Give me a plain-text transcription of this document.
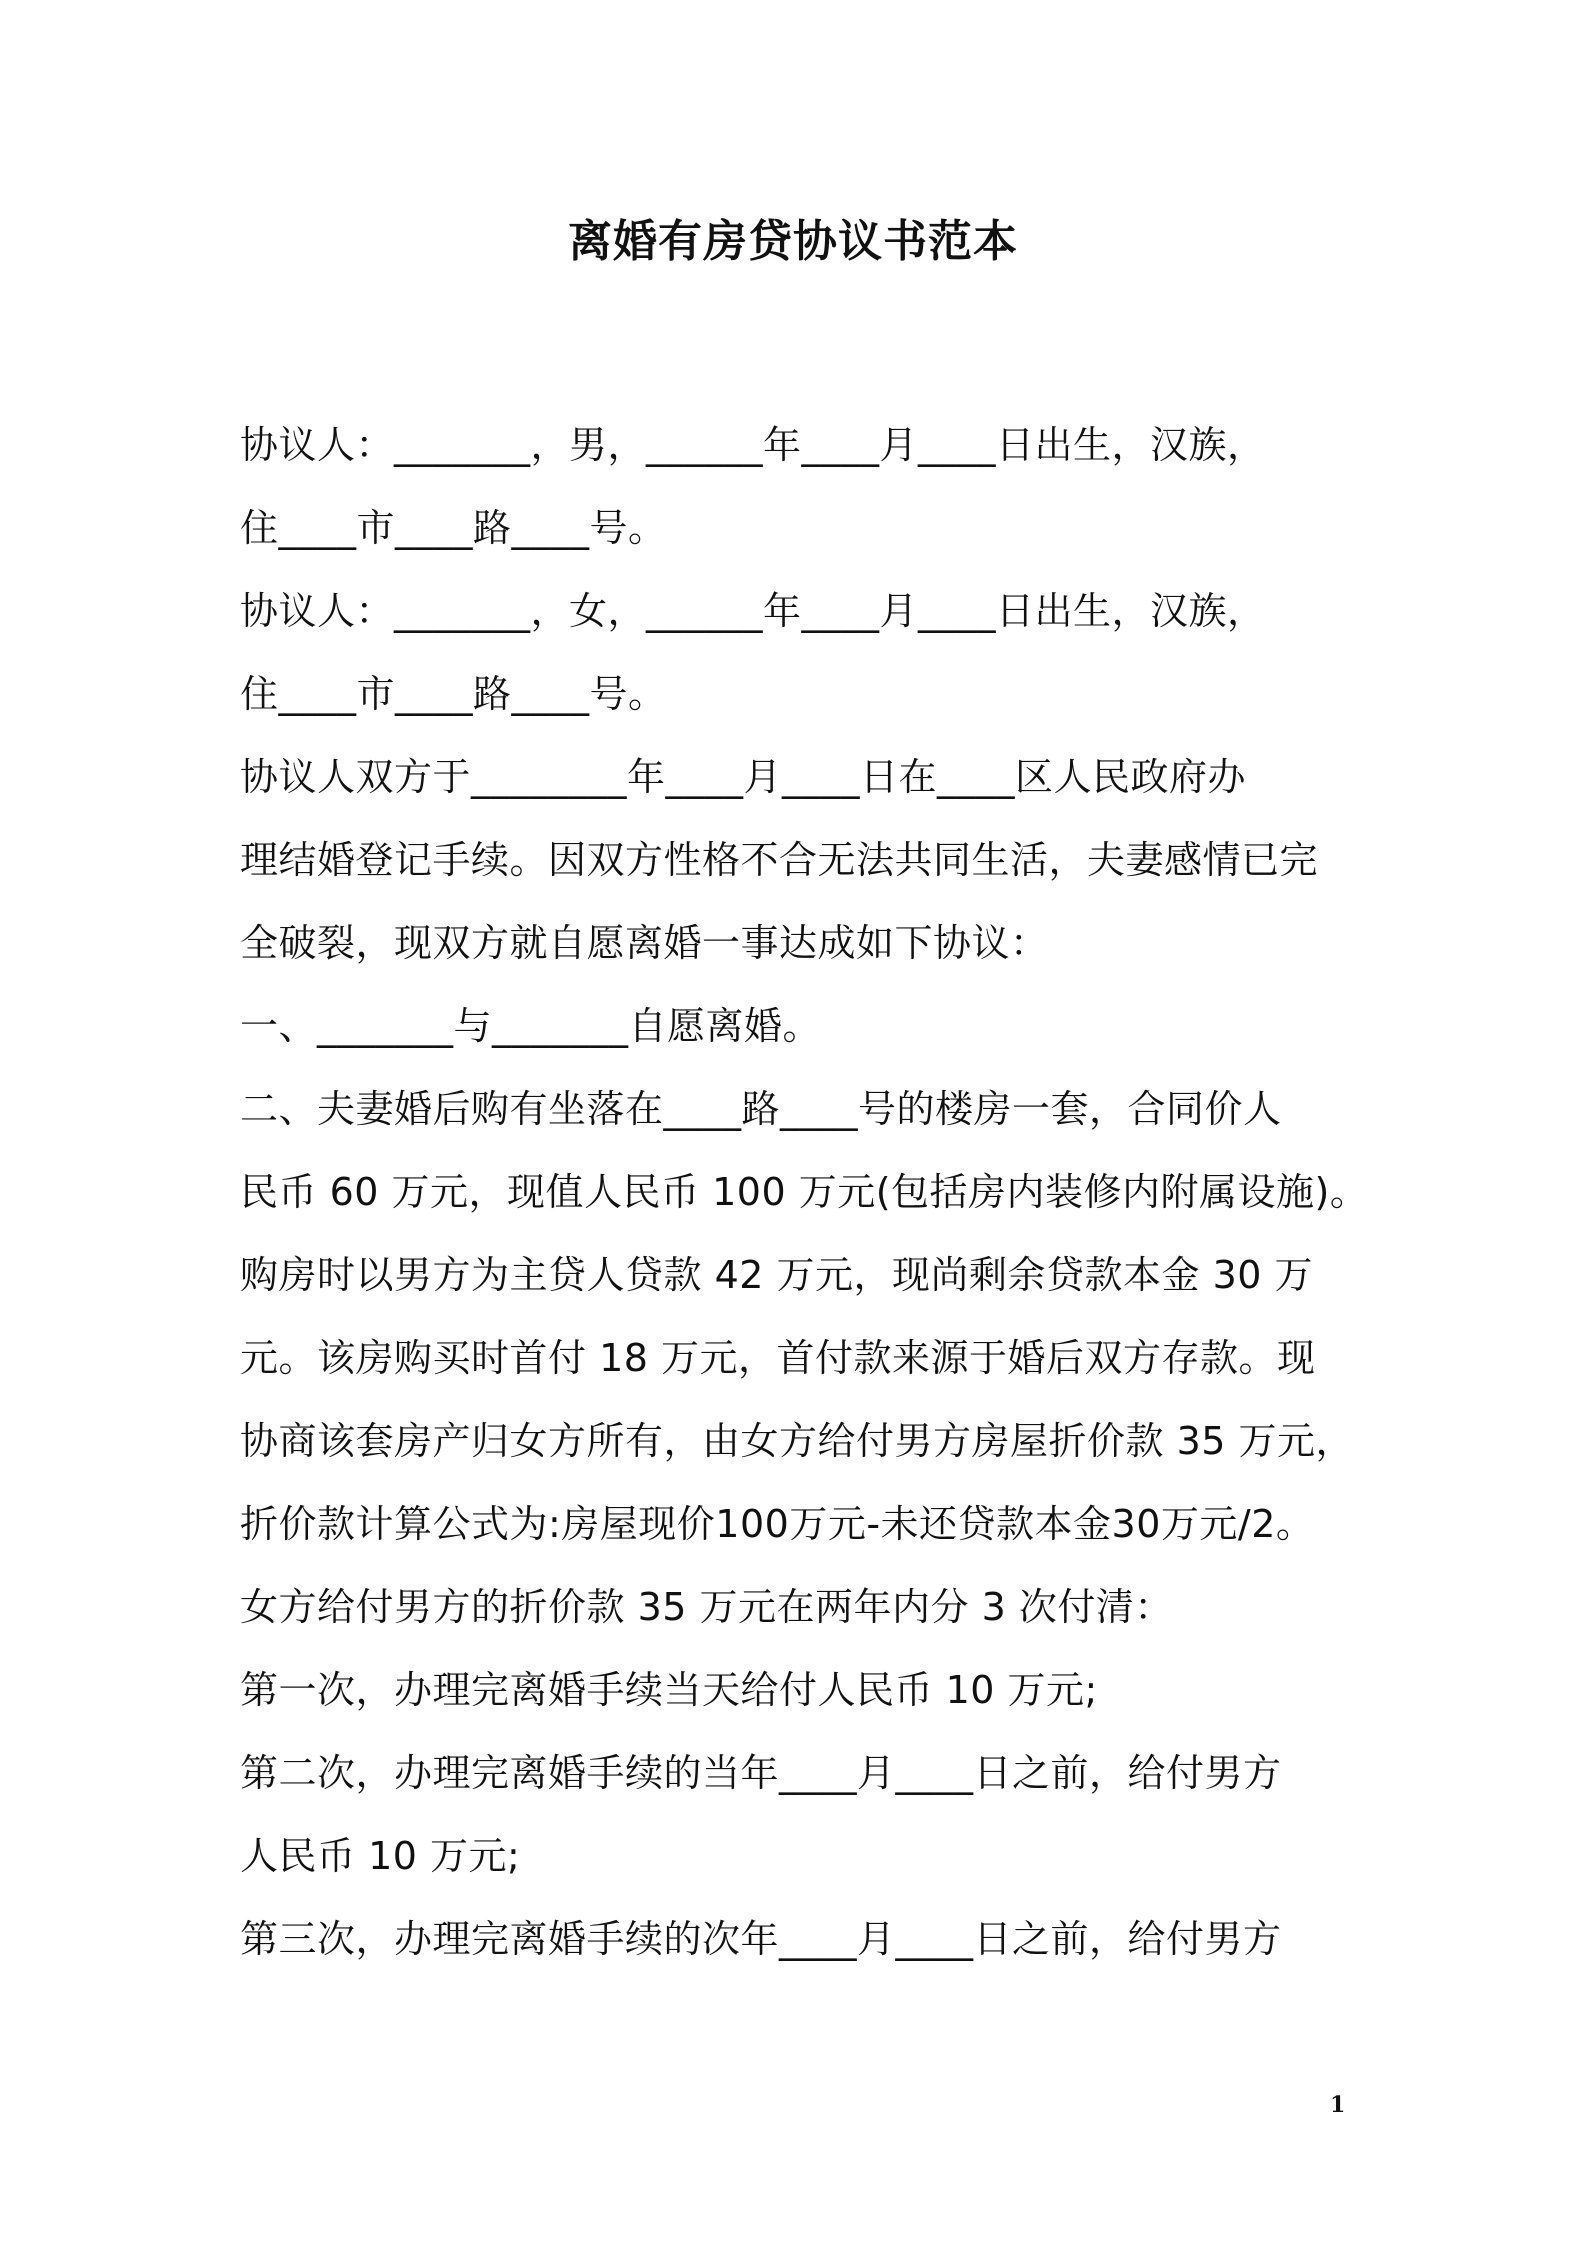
离婚有房贷协议书范本
协议人：_______，男，______年____月____日出生，汉族，
住____市____路____号。
协议人：_______，女，______年____月____日出生，汉族，
住____市____路____号。
协议人双方于________年____月____日在____区人民政府办
理结婚登记手续。因双方性格不合无法共同生活，夫妻感情已完
全破裂，现双方就自愿离婚一事达成如下协议：
一、_______与_______自愿离婚。
二、夫妻婚后购有坐落在____路____号的楼房一套，合同价人
民币 60 万元，现值人民币 100 万元(包括房内装修内附属设施)。
购房时以男方为主贷人贷款 42 万元，现尚剩余贷款本金 30 万
元。该房购买时首付 18 万元，首付款来源于婚后双方存款。现
协商该套房产归女方所有，由女方给付男方房屋折价款 35 万元，
折价款计算公式为:房屋现价100万元-未还贷款本金30万元/2。
女方给付男方的折价款 35 万元在两年内分 3 次付清：
第一次，办理完离婚手续当天给付人民币 10 万元;
第二次，办理完离婚手续的当年____月____日之前，给付男方
人民币 10 万元;
第三次，办理完离婚手续的次年____月____日之前，给付男方
1
